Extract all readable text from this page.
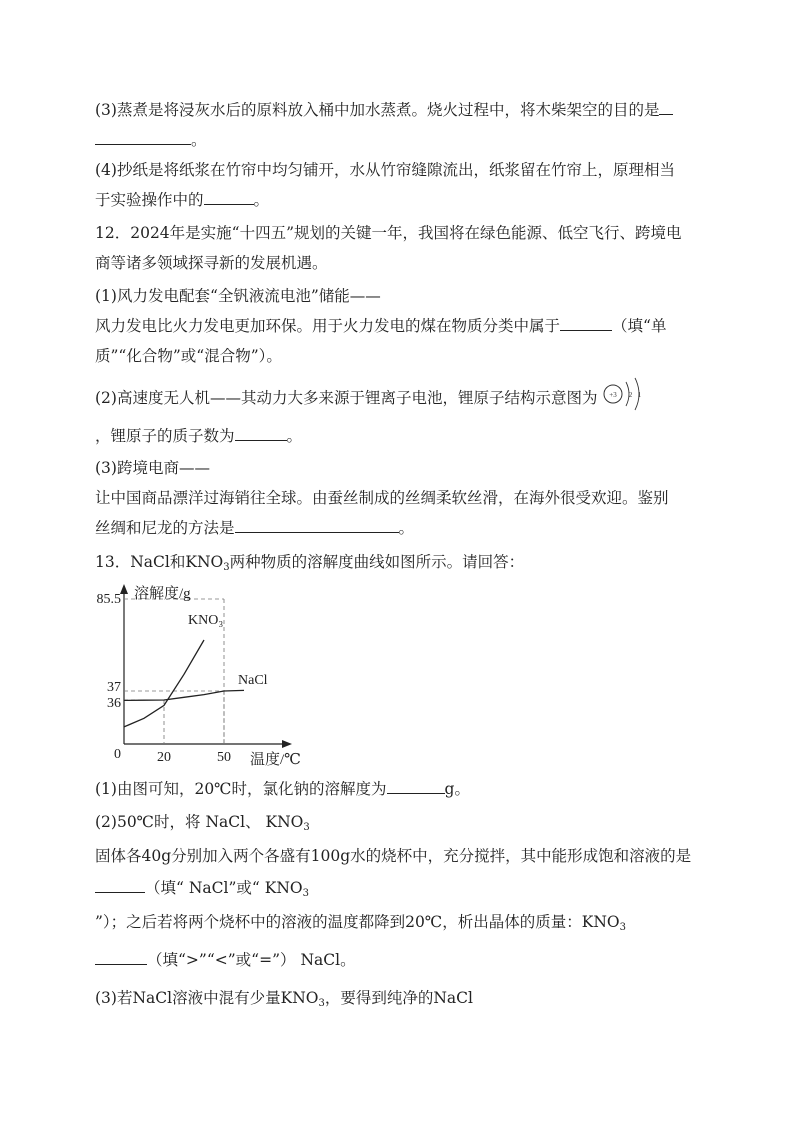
(3)蒸煮是将浸灰水后的原料放入桶中加水蒸煮。烧火过程中，将木柴架空的目的是
。
(4)抄纸是将纸浆在竹帘中均匀铺开，水从竹帘缝隙流出，纸浆留在竹帘上，原理相当
于实验操作中的	。
12．2024年是实施“十四五”规划的关键一年，我国将在绿色能源、低空飞行、跨境电
商等诸多领域探寻新的发展机遇。
(1)风力发电配套“全钒液流电池”储能——
风力发电比火力发电更加环保。用于火力发电的煤在物质分类中属于	（填“单
质”“化合物”或“混合物”）。
(2)高速度无人机——其动力大多来源于锂离子电池，锂原子结构示意图为 +3 2 1
，锂原子的质子数为	。
(3)跨境电商——
让中国商品漂洋过海销往全球。由蚕丝制成的丝绸柔软丝滑，在海外很受欢迎。鉴别
丝绸和尼龙的方法是	。
13．NaCl和$KNO_3$两种物质的溶解度曲线如图所示。请回答：
KNO₃
NaCl
溶解度/g
温度/℃
0	20	50
36
37
85.5
(1)由图可知，20℃时，氯化钠的溶解度为	g。
(2)50℃时，将 NaCl、 $KNO_3$
固体各40g分别加入两个各盛有100g水的烧杯中，充分搅拌，其中能形成饱和溶液的是
（填“ NaCl”或“ $KNO_3$
”）；之后若将两个烧杯中的溶液的温度都降到20℃，析出晶体的质量：$KNO_3$
（填“>”“<”或“=”） NaCl。
(3)若NaCl溶液中混有少量$KNO_3$，要得到纯净的NaCl
